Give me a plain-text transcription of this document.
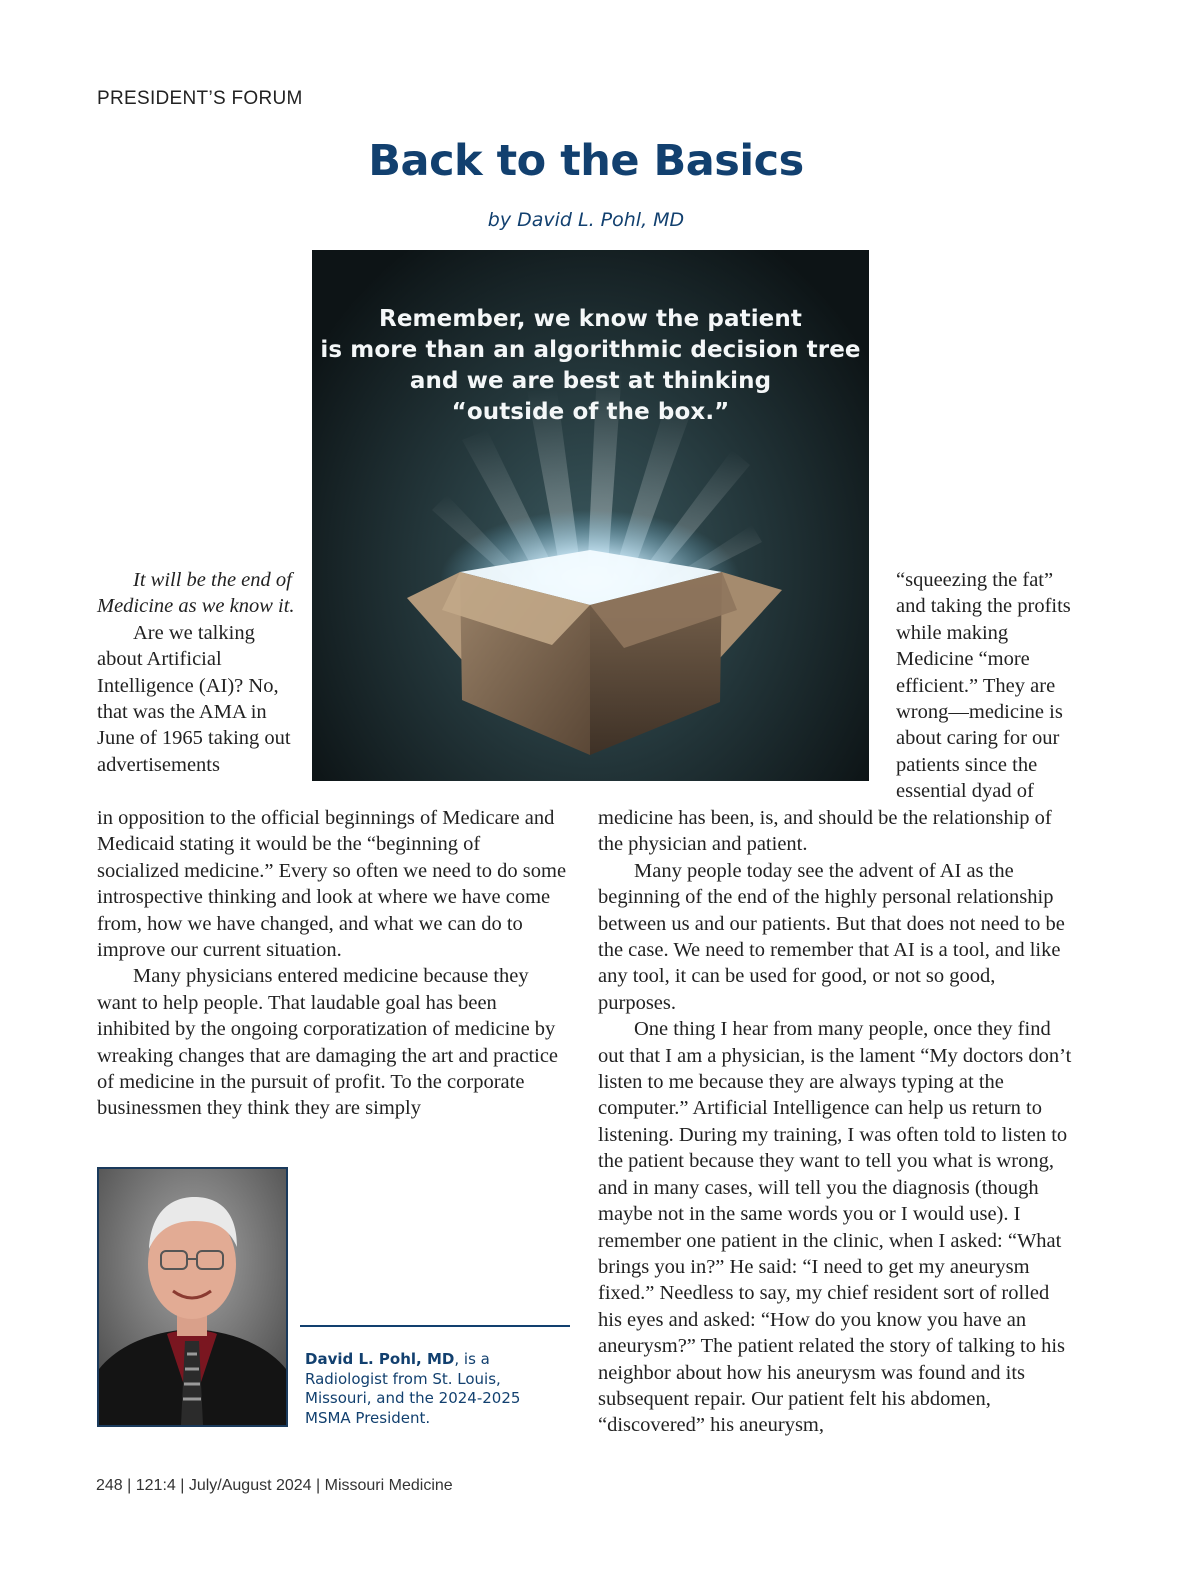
PRESIDENT’S FORUM
Back to the Basics
by David L. Pohl, MD
Remember, we know the patient
is more than an algorithmic decision tree
and we are best at thinking
“outside of the box.”

It will be the end of Medicine as we know it.

Are we talking about Artificial Intelligence (AI)? No, that was the AMA in June of 1965 taking out advertisements

in opposition to the official beginnings of Medicare and Medicaid stating it would be the “beginning of socialized medicine.” Every so often we need to do some introspective thinking and look at where we have come from, how we have changed, and what we can do to improve our current situation.

Many physicians entered medicine because they want to help people. That laudable goal has been inhibited by the ongoing corporatization of medicine by wreaking changes that are damaging the art and practice of medicine in the pursuit of profit. To the corporate businessmen they think they are simply

“squeezing the fat” and taking the profits while making Medicine “more efficient.” They are wrong—medicine is about caring for our patients since the essential dyad of

medicine has been, is, and should be the relationship of the physician and patient.

Many people today see the advent of AI as the beginning of the end of the highly personal relationship between us and our patients. But that does not need to be the case. We need to remember that AI is a tool, and like any tool, it can be used for good, or not so good, purposes.

One thing I hear from many people, once they find out that I am a physician, is the lament “My doctors don’t listen to me because they are always typing at the computer.” Artificial Intelligence can help us return to listening. During my training, I was often told to listen to the patient because they want to tell you what is wrong, and in many cases, will tell you the diagnosis (though maybe not in the same words you or I would use). I remember one patient in the clinic, when I asked: “What brings you in?” He said: “I need to get my aneurysm fixed.” Needless to say, my chief resident sort of rolled his eyes and asked: “How do you know you have an aneurysm?” The patient related the story of talking to his neighbor about how his aneurysm was found and its subsequent repair. Our patient felt his abdomen, “discovered” his aneurysm,

David L. Pohl, MD, is a Radiologist from St. Louis, Missouri, and the 2024-2025 MSMA President.
248 | 121:4 | July/August 2024 | Missouri Medicine
